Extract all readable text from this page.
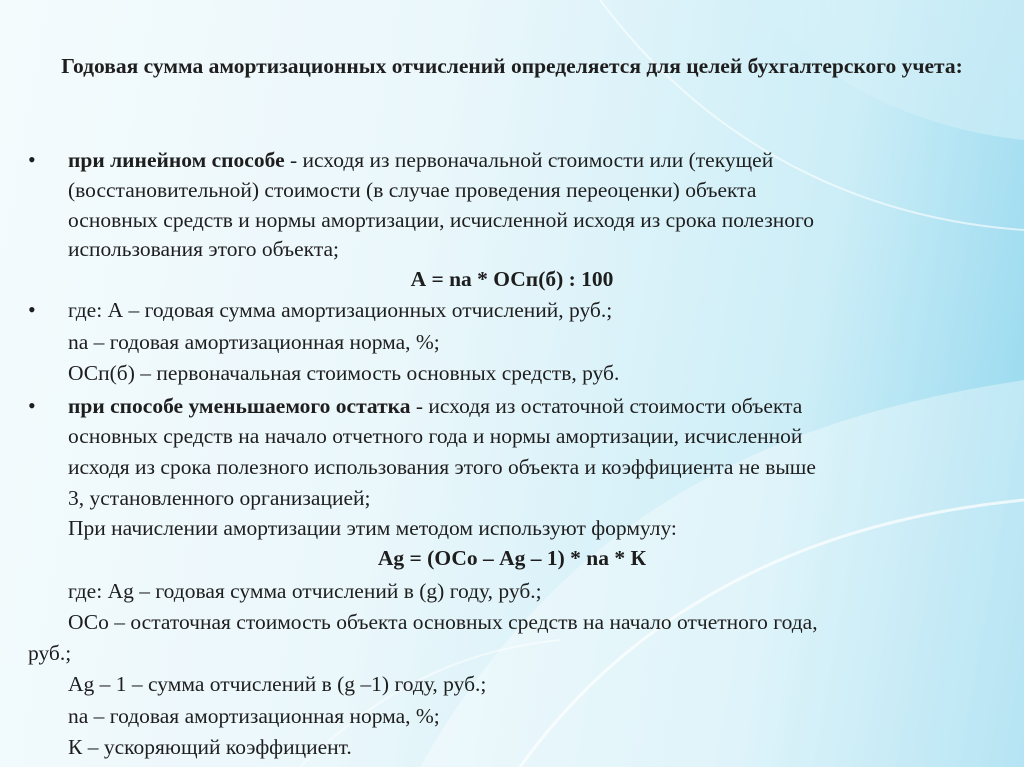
Годовая сумма амортизационных отчислений определяется для целей бухгалтерского учета:
• при линейном способе - исходя из первоначальной стоимости или (текущей
(восстановительной) стоимости (в случае проведения переоценки) объекта
основных средств и нормы амортизации, исчисленной исходя из срока полезного
использования этого объекта;
А = nа * ОСп(б) : 100
• где: А – годовая сумма амортизационных отчислений, руб.;
nа – годовая амортизационная норма, %;
ОСп(б) – первоначальная стоимость основных средств, руб.
• при способе уменьшаемого остатка - исходя из остаточной стоимости объекта
основных средств на начало отчетного года и нормы амортизации, исчисленной
исходя из срока полезного использования этого объекта и коэффициента не выше
3, установленного организацией;
При начислении амортизации этим методом используют формулу:
Аg = (ОСо – Аg – 1) * nа * К
где: Аg – годовая сумма отчислений в (g) году, руб.;
ОСо – остаточная стоимость объекта основных средств на начало отчетного года,
руб.;
Аg – 1 – сумма отчислений в (g –1) году, руб.;
nа – годовая амортизационная норма, %;
К – ускоряющий коэффициент.
